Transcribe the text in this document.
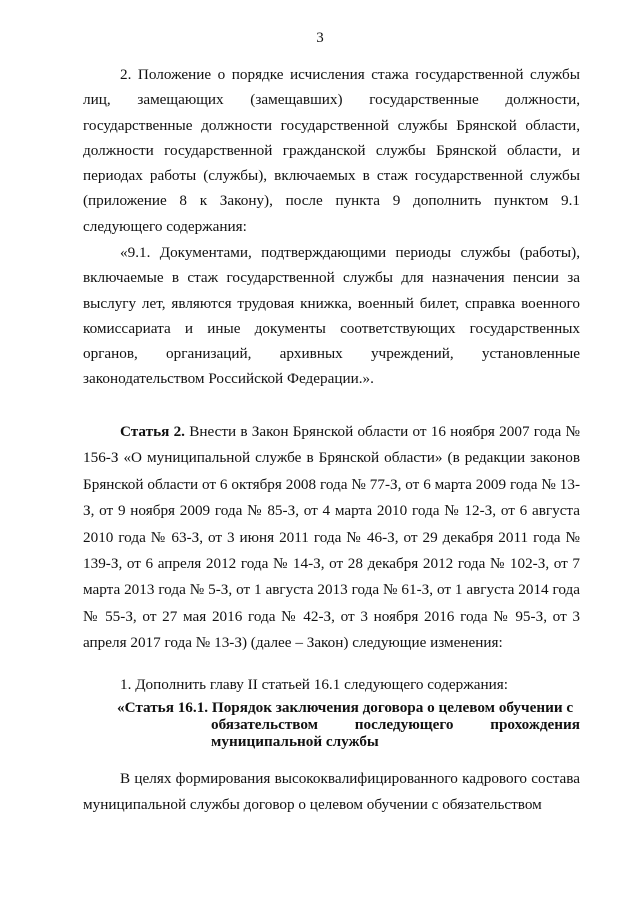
3
2. Положение о порядке исчисления стажа государственной службы лиц, замещающих (замещавших) государственные должности, государственные должности государственной службы Брянской области, должности государственной гражданской службы Брянской области, и периодах работы (службы), включаемых в стаж государственной службы (приложение 8 к Закону), после пункта 9 дополнить пунктом 9.1 следующего содержания:
«9.1. Документами, подтверждающими периоды службы (работы), включаемые в стаж государственной службы для назначения пенсии за выслугу лет, являются трудовая книжка, военный билет, справка военного комиссариата и иные документы соответствующих государственных органов, организаций, архивных учреждений, установленные законодательством Российской Федерации.».
Статья 2. Внести в Закон Брянской области от 16 ноября 2007 года № 156-З «О муниципальной службе в Брянской области» (в редакции законов Брянской области от 6 октября 2008 года № 77-З, от 6 марта 2009 года № 13-З, от 9 ноября 2009 года № 85-З, от 4 марта 2010 года № 12-З, от 6 августа 2010 года № 63-З, от 3 июня 2011 года № 46-З, от 29 декабря 2011 года № 139-З, от 6 апреля 2012 года № 14-З, от 28 декабря 2012 года № 102-З, от 7 марта 2013 года № 5-З, от 1 августа 2013 года № 61-З, от 1 августа 2014 года № 55-З, от 27 мая 2016 года № 42-З, от 3 ноября 2016 года № 95-З, от 3 апреля 2017 года № 13-З) (далее – Закон) следующие изменения:
1. Дополнить главу II статьей 16.1 следующего содержания:
«Статья 16.1. Порядок заключения договора о целевом обучении с
обязательством последующего прохождения муниципальной службы
В целях формирования высококвалифицированного кадрового состава муниципальной службы договор о целевом обучении с обязательством
